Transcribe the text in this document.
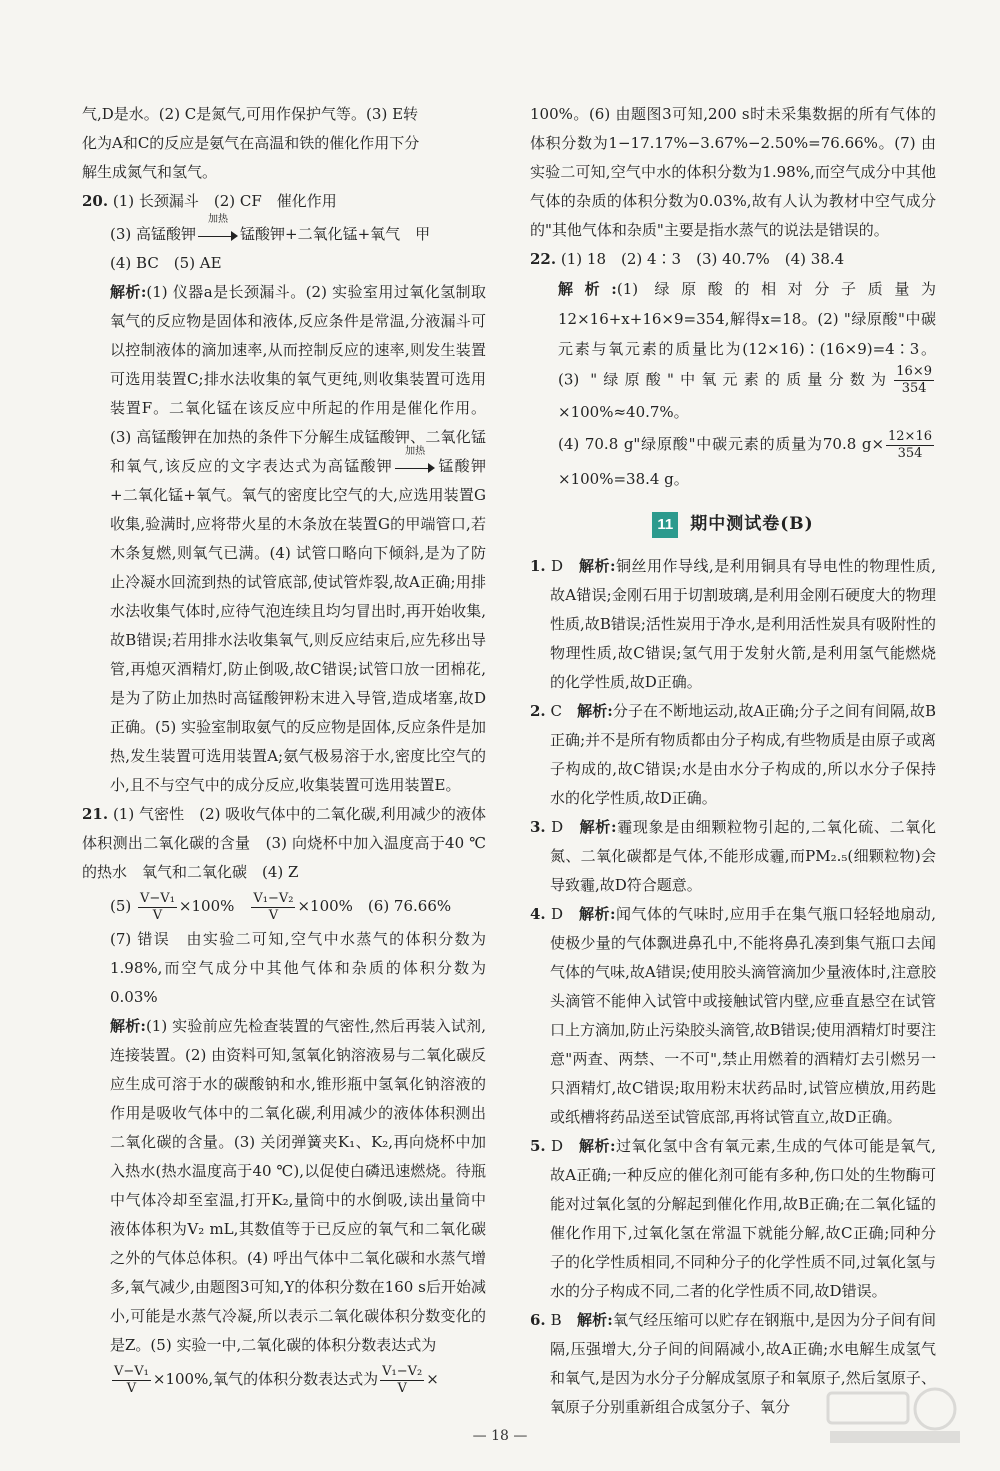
气,D是水。(2) C是氮气,可用作保护气等。(3) E转

化为A和C的反应是氨气在高温和铁的催化作用下分

解生成氮气和氢气。

20. (1) 长颈漏斗　(2) CF　催化作用

(3) 高锰酸钾
加热
锰酸钾+二氧化锰+氧气　甲

(4) BC　(5) AE

解析:(1) 仪器a是长颈漏斗。(2) 实验室用过氧化氢制取氧气的反应物是固体和液体,反应条件是常温,分液漏斗可以控制液体的滴加速率,从而控制反应的速率,则发生装置可选用装置C;排水法收集的氧气更纯,则收集装置可选用装置F。二氧化锰在该反应中所起的作用是催化作用。(3) 高锰酸钾在加热的条件下分解生成锰酸钾、二氧化锰和氧气,该反应的文字表达式为高锰酸钾
加热
锰酸钾+二氧化锰+氧气。氧气的密度比空气的大,应选用装置G收集,验满时,应将带火星的木条放在装置G的甲端管口,若木条复燃,则氧气已满。(4) 试管口略向下倾斜,是为了防止冷凝水回流到热的试管底部,使试管炸裂,故A正确;用排水法收集气体时,应待气泡连续且均匀冒出时,再开始收集,故B错误;若用排水法收集氧气,则反应结束后,应先移出导管,再熄灭酒精灯,防止倒吸,故C错误;试管口放一团棉花,是为了防止加热时高锰酸钾粉末进入导管,造成堵塞,故D正确。(5) 实验室制取氨气的反应物是固体,反应条件是加热,发生装置可选用装置A;氨气极易溶于水,密度比空气的小,且不与空气中的成分反应,收集装置可选用装置E。

21. (1) 气密性　(2) 吸收气体中的二氧化碳,利用减少的液体体积测出二氧化碳的含量　(3) 向烧杯中加入温度高于40 ℃的热水　氧气和二氧化碳　(4) Z

$(5) \frac{\text{V−V₁}}{V} \times 100\%$　 $\frac{\text{V₁−V₂}}{V} \times 100\%$　(6) 76.66%

(7) 错误　由实验二可知,空气中水蒸气的体积分数为1.98%,而空气成分中其他气体和杂质的体积分数为0.03%

解析:(1) 实验前应先检查装置的气密性,然后再装入试剂,连接装置。(2) 由资料可知,氢氧化钠溶液易与二氧化碳反应生成可溶于水的碳酸钠和水,锥形瓶中氢氧化钠溶液的作用是吸收气体中的二氧化碳,利用减少的液体体积测出二氧化碳的含量。(3) 关闭弹簧夹K₁、K₂,再向烧杯中加入热水(热水温度高于40 ℃),以促使白磷迅速燃烧。待瓶中气体冷却至室温,打开K₂,量筒中的水倒吸,读出量筒中液体体积为V₂ mL,其数值等于已反应的氧气和二氧化碳之外的气体总体积。(4) 呼出气体中二氧化碳和水蒸气增多,氧气减少,由题图3可知,Y的体积分数在160 s后开始减小,可能是水蒸气冷凝,所以表示二氧化碳体积分数变化的是Z。(5) 实验一中,二氧化碳的体积分数表达式为

$\frac{\text{V−V₁}}{V} \times 100\%$,氧气的体积分数表达式为 $\frac{\text{V₁−V₂}}{V}$ ×

100%。(6) 由题图3可知,200 s时未采集数据的所有气体的体积分数为1−17.17%−3.67%−2.50%=76.66%。(7) 由实验二可知,空气中水的体积分数为1.98%,而空气成分中其他气体的杂质的体积分数为0.03%,故有人认为教材中空气成分的"其他气体和杂质"主要是指水蒸气的说法是错误的。

22. (1) 18　(2) 4∶3　(3) 40.7%　(4) 38.4

解析:(1) 绿原酸的相对分子质量为12×16+x+16×9=354,解得x=18。(2) "绿原酸"中碳元素与氧元素的质量比为(12×16)∶(16×9)=4∶3。(3) "绿原酸"中氧元素的质量分数为 $\frac{16\times 9}{354}$
×100%≈40.7%。

(4) 70.8 g"绿原酸"中碳元素的质量为70.8 $g\times \frac{12\times 16}{354}$
×100%=38.4 g。

11 期中测试卷(B)

1. D　 解析:铜丝用作导线,是利用铜具有导电性的物理性质,故A错误;金刚石用于切割玻璃,是利用金刚石硬度大的物理性质,故B错误;活性炭用于净水,是利用活性炭具有吸附性的物理性质,故C错误;氢气用于发射火箭,是利用氢气能燃烧的化学性质,故D正确。

2. C　 解析:分子在不断地运动,故A正确;分子之间有间隔,故B正确;并不是所有物质都由分子构成,有些物质是由原子或离子构成的,故C错误;水是由水分子构成的,所以水分子保持水的化学性质,故D正确。

3. D　 解析:霾现象是由细颗粒物引起的,二氧化硫、二氧化氮、二氧化碳都是气体,不能形成霾,而PM₂.₅(细颗粒物)会导致霾,故D符合题意。

4. D　 解析:闻气体的气味时,应用手在集气瓶口轻轻地扇动,使极少量的气体飘进鼻孔中,不能将鼻孔凑到集气瓶口去闻气体的气味,故A错误;使用胶头滴管滴加少量液体时,注意胶头滴管不能伸入试管中或接触试管内壁,应垂直悬空在试管口上方滴加,防止污染胶头滴管,故B错误;使用酒精灯时要注意"两查、两禁、一不可",禁止用燃着的酒精灯去引燃另一只酒精灯,故C错误;取用粉末状药品时,试管应横放,用药匙或纸槽将药品送至试管底部,再将试管直立,故D正确。

5. D　 解析:过氧化氢中含有氧元素,生成的气体可能是氧气,故A正确;一种反应的催化剂可能有多种,伤口处的生物酶可能对过氧化氢的分解起到催化作用,故B正确;在二氧化锰的催化作用下,过氧化氢在常温下就能分解,故C正确;同种分子的化学性质相同,不同种分子的化学性质不同,过氧化氢与水的分子构成不同,二者的化学性质不同,故D错误。

6. B　 解析:氧气经压缩可以贮存在钢瓶中,是因为分子间有间隔,压强增大,分子间的间隔减小,故A正确;水电解生成氢气和氧气,是因为水分子分解成氢原子和氧原子,然后氢原子、氧原子分别重新组合成氢分子、氧分

— 18 —
